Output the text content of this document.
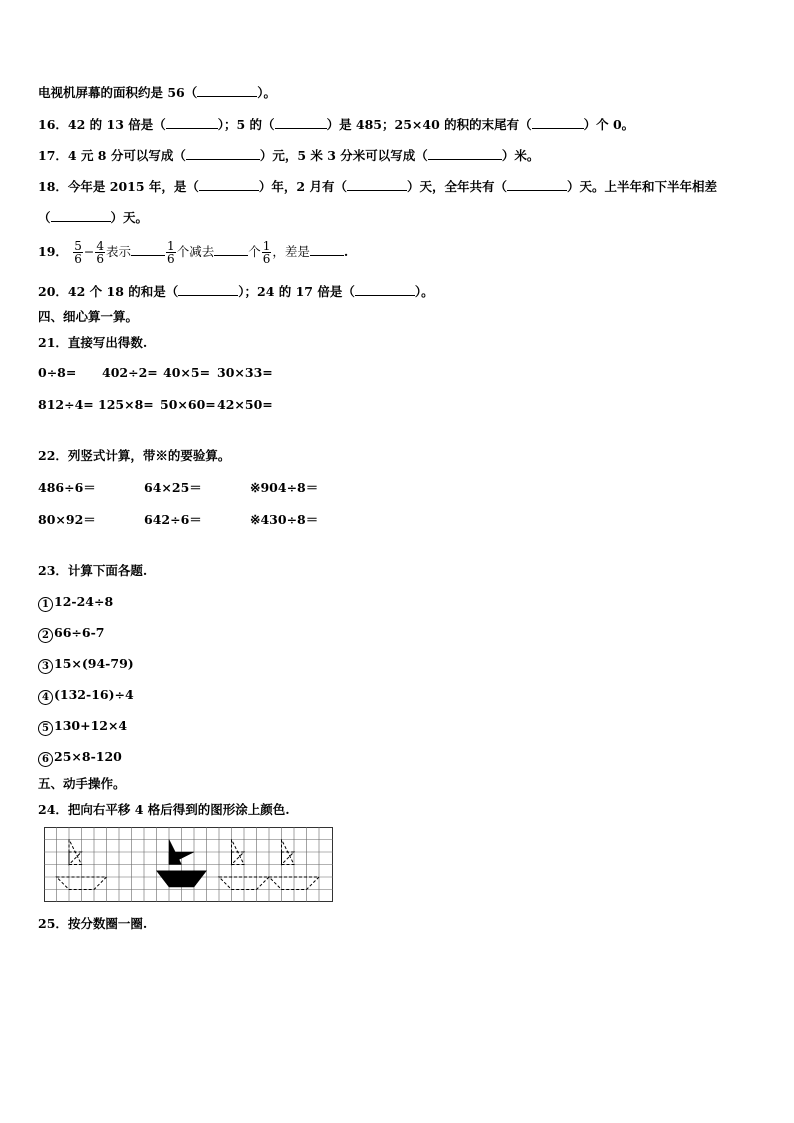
电视机屏幕的面积约是 56（	）。
16．42 的 13 倍是（	）；5 的（	）是 485；25×40 的积的末尾有（	）个 0。
17．4 元 8 分可以写成（	）元，5 米 3 分米可以写成（	）米。
18．今年是 2015 年，是（	）年，2 月有（	）天，全年共有（	）天。上半年和下半年相差
（	）天。
19． $\frac{5}{6} - \frac{4}{6}$ 表示	$\frac{1}{6}$ 个减去	个 $\frac{1}{6}$ ，差是	.
20．42 个 18 的和是（	）；24 的 17 倍是（	）。
四、细心算一算。
21．直接写出得数.
0÷8= 402÷2= 40×5= 30×33=
812÷4= 125×8= 50×60=42×50=
22．列竖式计算，带※的要验算。
486÷6＝	64×25＝	※904÷8＝
80×92＝	642÷6＝	※430÷8＝
23．计算下面各题.
1 12-24÷8
2 66÷6-7
3 15×(94-79)
4 (132-16)÷4
5 130+12×4
6 25×8-120
五、动手操作。
24．把向右平移 4 格后得到的图形涂上颜色.
25．按分数圈一圈.
